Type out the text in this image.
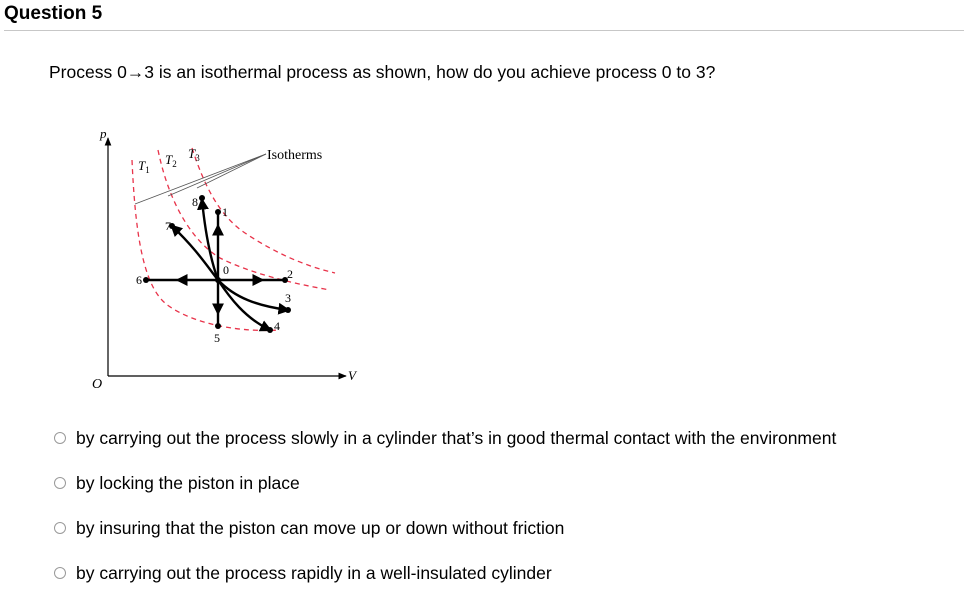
Question 5
Process 0→3 is an isothermal process as shown, how do you achieve process 0 to 3?
p
V
O
$T_1$
$T_2$
$T_3$	Isotherms
0
1
2
3
4
5
6
7
8
by carrying out the process slowly in a cylinder that’s in good thermal contact with the environment
by locking the piston in place
by insuring that the piston can move up or down without friction
by carrying out the process rapidly in a well-insulated cylinder
